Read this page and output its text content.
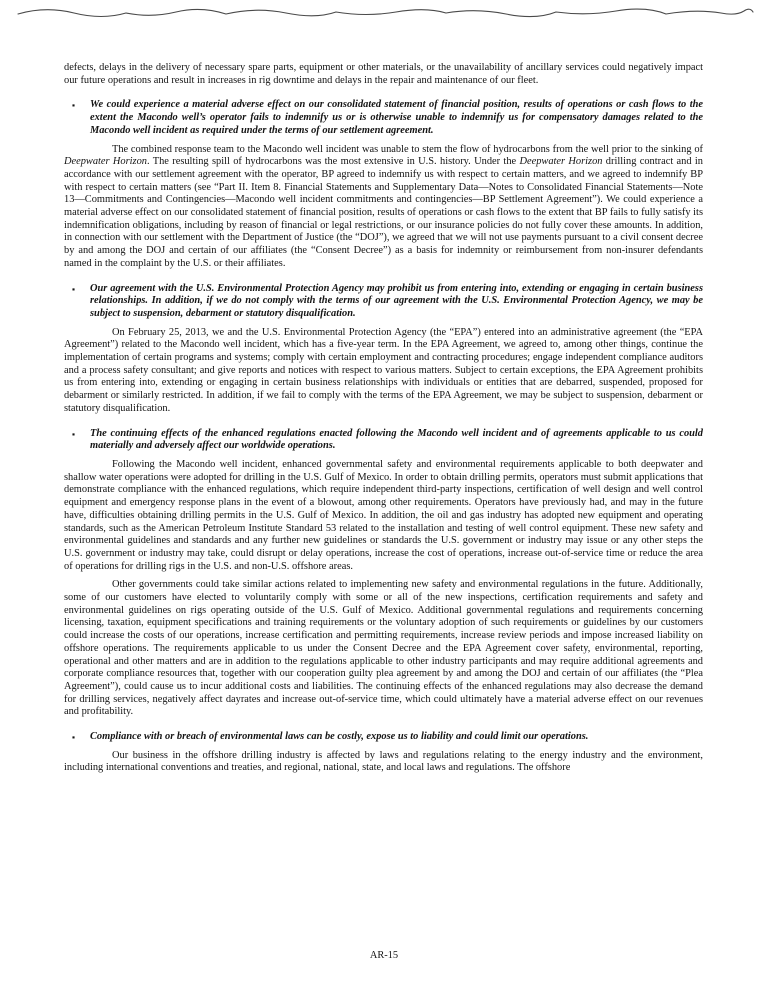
defects, delays in the delivery of necessary spare parts, equipment or other materials, or the unavailability of ancillary services could negatively impact our future operations and result in increases in rig downtime and delays in the repair and maintenance of our fleet.

▪	We could experience a material adverse effect on our consolidated statement of financial position, results of operations or cash flows to the extent the Macondo well’s operator fails to indemnify us or is otherwise unable to indemnify us for compensatory damages related to the Macondo well incident as required under the terms of our settlement agreement.

The combined response team to the Macondo well incident was unable to stem the flow of hydrocarbons from the well prior to the sinking of Deepwater Horizon. The resulting spill of hydrocarbons was the most extensive in U.S. history. Under the Deepwater Horizon drilling contract and in accordance with our settlement agreement with the operator, BP agreed to indemnify us with respect to certain matters, and we agreed to indemnify BP with respect to certain matters (see “Part II. Item 8. Financial Statements and Supplementary Data—Notes to Consolidated Financial Statements—Note 13—Commitments and Contingencies—Macondo well incident commitments and contingencies—BP Settlement Agreement”). We could experience a material adverse effect on our consolidated statement of financial position, results of operations or cash flows to the extent that BP fails to fully satisfy its indemnification obligations, including by reason of financial or legal restrictions, or our insurance policies do not fully cover these amounts. In addition, in connection with our settlement with the Department of Justice (the “DOJ”), we agreed that we will not use payments pursuant to a civil consent decree by and among the DOJ and certain of our affiliates (the “Consent Decree”) as a basis for indemnity or reimbursement from non-insurer defendants named in the complaint by the U.S. or their affiliates.

▪	Our agreement with the U.S. Environmental Protection Agency may prohibit us from entering into, extending or engaging in certain business relationships. In addition, if we do not comply with the terms of our agreement with the U.S. Environmental Protection Agency, we may be subject to suspension, debarment or statutory disqualification.

On February 25, 2013, we and the U.S. Environmental Protection Agency (the “EPA”) entered into an administrative agreement (the “EPA Agreement”) related to the Macondo well incident, which has a five-year term. In the EPA Agreement, we agreed to, among other things, continue the implementation of certain programs and systems; comply with certain employment and contracting procedures; engage independent compliance auditors and a process safety consultant; and give reports and notices with respect to various matters. Subject to certain exceptions, the EPA Agreement prohibits us from entering into, extending or engaging in certain business relationships with individuals or entities that are debarred, suspended, proposed for debarment or similarly restricted. In addition, if we fail to comply with the terms of the EPA Agreement, we may be subject to suspension, debarment or statutory disqualification.

▪	The continuing effects of the enhanced regulations enacted following the Macondo well incident and of agreements applicable to us could materially and adversely affect our worldwide operations.

Following the Macondo well incident, enhanced governmental safety and environmental requirements applicable to both deepwater and shallow water operations were adopted for drilling in the U.S. Gulf of Mexico. In order to obtain drilling permits, operators must submit applications that demonstrate compliance with the enhanced regulations, which require independent third-party inspections, certification of well design and well control equipment and emergency response plans in the event of a blowout, among other requirements. Operators have previously had, and may in the future have, difficulties obtaining drilling permits in the U.S. Gulf of Mexico. In addition, the oil and gas industry has adopted new equipment and operating standards, such as the American Petroleum Institute Standard 53 related to the installation and testing of well control equipment. These new safety and environmental guidelines and standards and any further new guidelines or standards the U.S. government or industry may issue or any other steps the U.S. government or industry may take, could disrupt or delay operations, increase the cost of operations, increase out-of-service time or reduce the area of operations for drilling rigs in the U.S. and non-U.S. offshore areas.

Other governments could take similar actions related to implementing new safety and environmental regulations in the future. Additionally, some of our customers have elected to voluntarily comply with some or all of the new inspections, certification requirements and safety and environmental guidelines on rigs operating outside of the U.S. Gulf of Mexico. Additional governmental regulations and requirements concerning licensing, taxation, equipment specifications and training requirements or the voluntary adoption of such requirements or guidelines by our customers could increase the costs of our operations, increase certification and permitting requirements, increase review periods and impose increased liability on offshore operations. The requirements applicable to us under the Consent Decree and the EPA Agreement cover safety, environmental, reporting, operational and other matters and are in addition to the regulations applicable to other industry participants and may require additional agreements and corporate compliance resources that, together with our cooperation guilty plea agreement by and among the DOJ and certain of our affiliates (the “Plea Agreement”), could cause us to incur additional costs and liabilities. The continuing effects of the enhanced regulations may also decrease the demand for drilling services, negatively affect dayrates and increase out-of-service time, which could ultimately have a material adverse effect on our revenues and profitability.

▪	Compliance with or breach of environmental laws can be costly, expose us to liability and could limit our operations.

Our business in the offshore drilling industry is affected by laws and regulations relating to the energy industry and the environment, including international conventions and treaties, and regional, national, state, and local laws and regulations. The offshore

AR-15
